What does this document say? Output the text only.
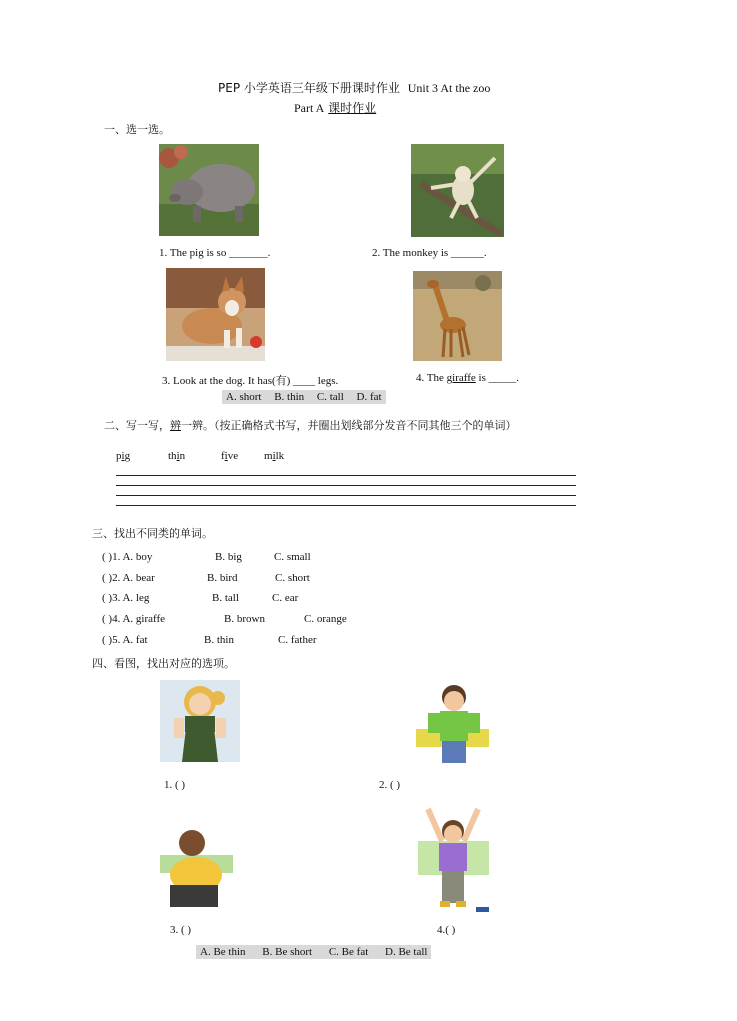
PEP 小学英语三年级下册课时作业 Unit 3 At the zoo
Part A 课时作业
一、选一选。
1. The pig is so _______.	2. The monkey is ______.
3. Look at the dog. It has(有) ____ legs.	4. The giraffe is _____.
A. short B. thin C. tall D. fat
二、写一写，辨一辨。（按正确格式书写，并圈出划线部分发音不同其他三个的单词）
pig	thin	five milk
三、找出不同类的单词。
( )1. A. boy	B. big	C. small
( )2. A. bear	B. bird	C. short
( )3. A. leg	B. tall	C. ear
( )4. A. giraffe	B. brown	C. orange
( )5. A. fat	B. thin	C. father
四、看图，找出对应的选项。
1. ( )	2. ( )
3. ( )	4.( )
A. Be thin B. Be short C. Be fat D. Be tall
